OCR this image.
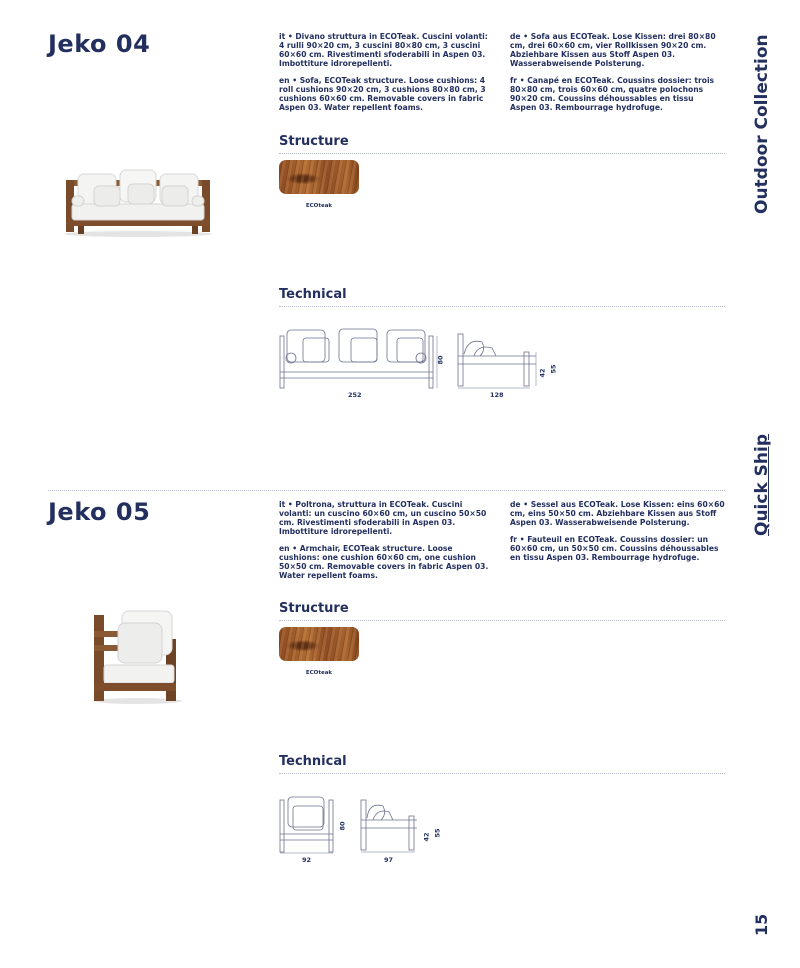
Outdoor Collection
Quick Ship
15
Jeko 04	it • Divano struttura in ECOTeak. Cuscini volanti: 4 rulli 90×20 cm, 3 cuscini 80×80 cm, 3 cuscini 60×60 cm. Rivestimenti sfoderabili in Aspen 03. Imbottiture idrorepellenti.

en • Sofa, ECOTeak structure. Loose cushions: 4 roll cushions 90×20 cm, 3 cushions 80×80 cm, 3 cushions 60×60 cm. Removable covers in fabric Aspen 03. Water repellent foams.

de • Sofa aus ECOTeak. Lose Kissen: drei 80×80 cm, drei 60×60 cm, vier Rollkissen 90×20 cm. Abziehbare Kissen aus Stoff Aspen 03. Wasserabweisende Polsterung.

fr • Canapé en ECOTeak. Coussins dossier: trois 80×80 cm, trois 60×60 cm, quatre polochons 90×20 cm. Coussins déhoussables en tissu Aspen 03. Rembourrage hydrofuge.

Structure
ECOteak
Technical
252
80
128
42 55
Jeko 05	it • Poltrona, struttura in ECOTeak. Cuscini volanti: un cuscino 60×60 cm, un cuscino 50×50 cm. Rivestimenti sfoderabili in Aspen 03. Imbottiture idrorepellenti.

en • Armchair, ECOTeak structure. Loose cushions: one cushion 60×60 cm, one cushion 50×50 cm. Removable covers in fabric Aspen 03. Water repellent foams.

de • Sessel aus ECOTeak. Lose Kissen: eins 60×60 cm, eins 50×50 cm. Abziehbare Kissen aus Stoff Aspen 03. Wasserabweisende Polsterung.

fr • Fauteuil en ECOTeak. Coussins dossier: un 60×60 cm, un 50×50 cm. Coussins déhoussables en tissu Aspen 03. Rembourrage hydrofuge.

Structure
ECOteak
Technical
92
80
97
42 55
